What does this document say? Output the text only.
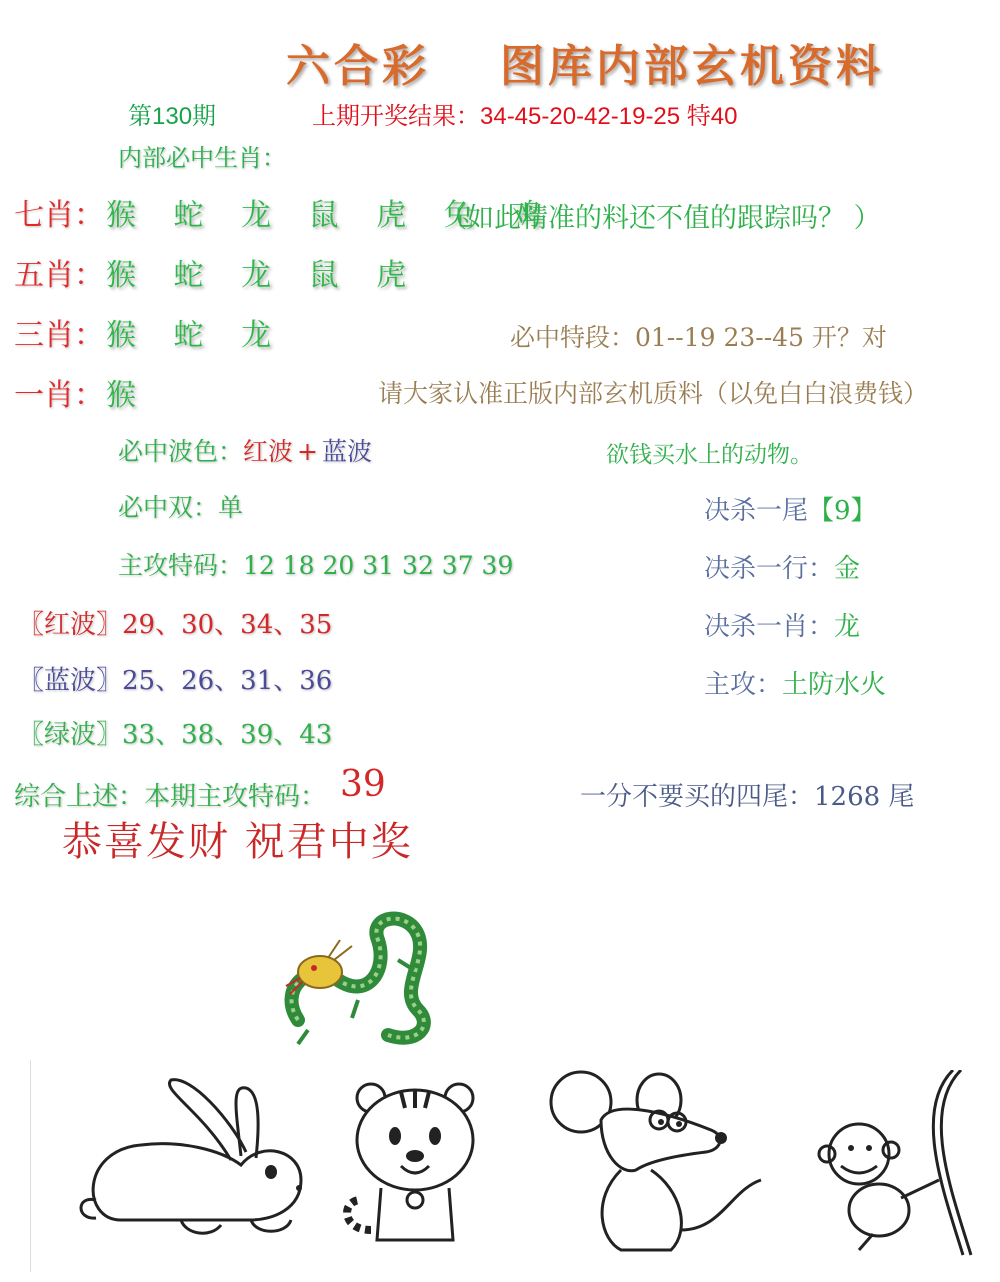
六合彩 图库内部玄机资料
第130期	上期开奖结果：34-45-20-42-19-25 特40
内部必中生肖：
七肖： 猴 蛇 龙 鼠 虎 兔 鸡
（如此精准的料还不值的跟踪吗？ ）
五肖： 猴 蛇 龙 鼠 虎
三肖： 猴 蛇 龙	必中特段：01--19 23--45 开？对
一肖： 猴	请大家认准正版内部玄机质料（以免白白浪费钱）
必中波色：红波 + 蓝波	欲钱买水上的动物。
必中双：单	决杀一尾【9】
主攻特码：12 18 20 31 32 37 39	决杀一行：金
〖红波〗29、30、34、35	决杀一肖：龙
〖蓝波〗25、26、31、36	主攻：土防水火
〖绿波〗33、38、39、43
综合上述：本期主攻特码： 39	一分不要买的四尾：1268 尾
恭喜发财 祝君中奖
